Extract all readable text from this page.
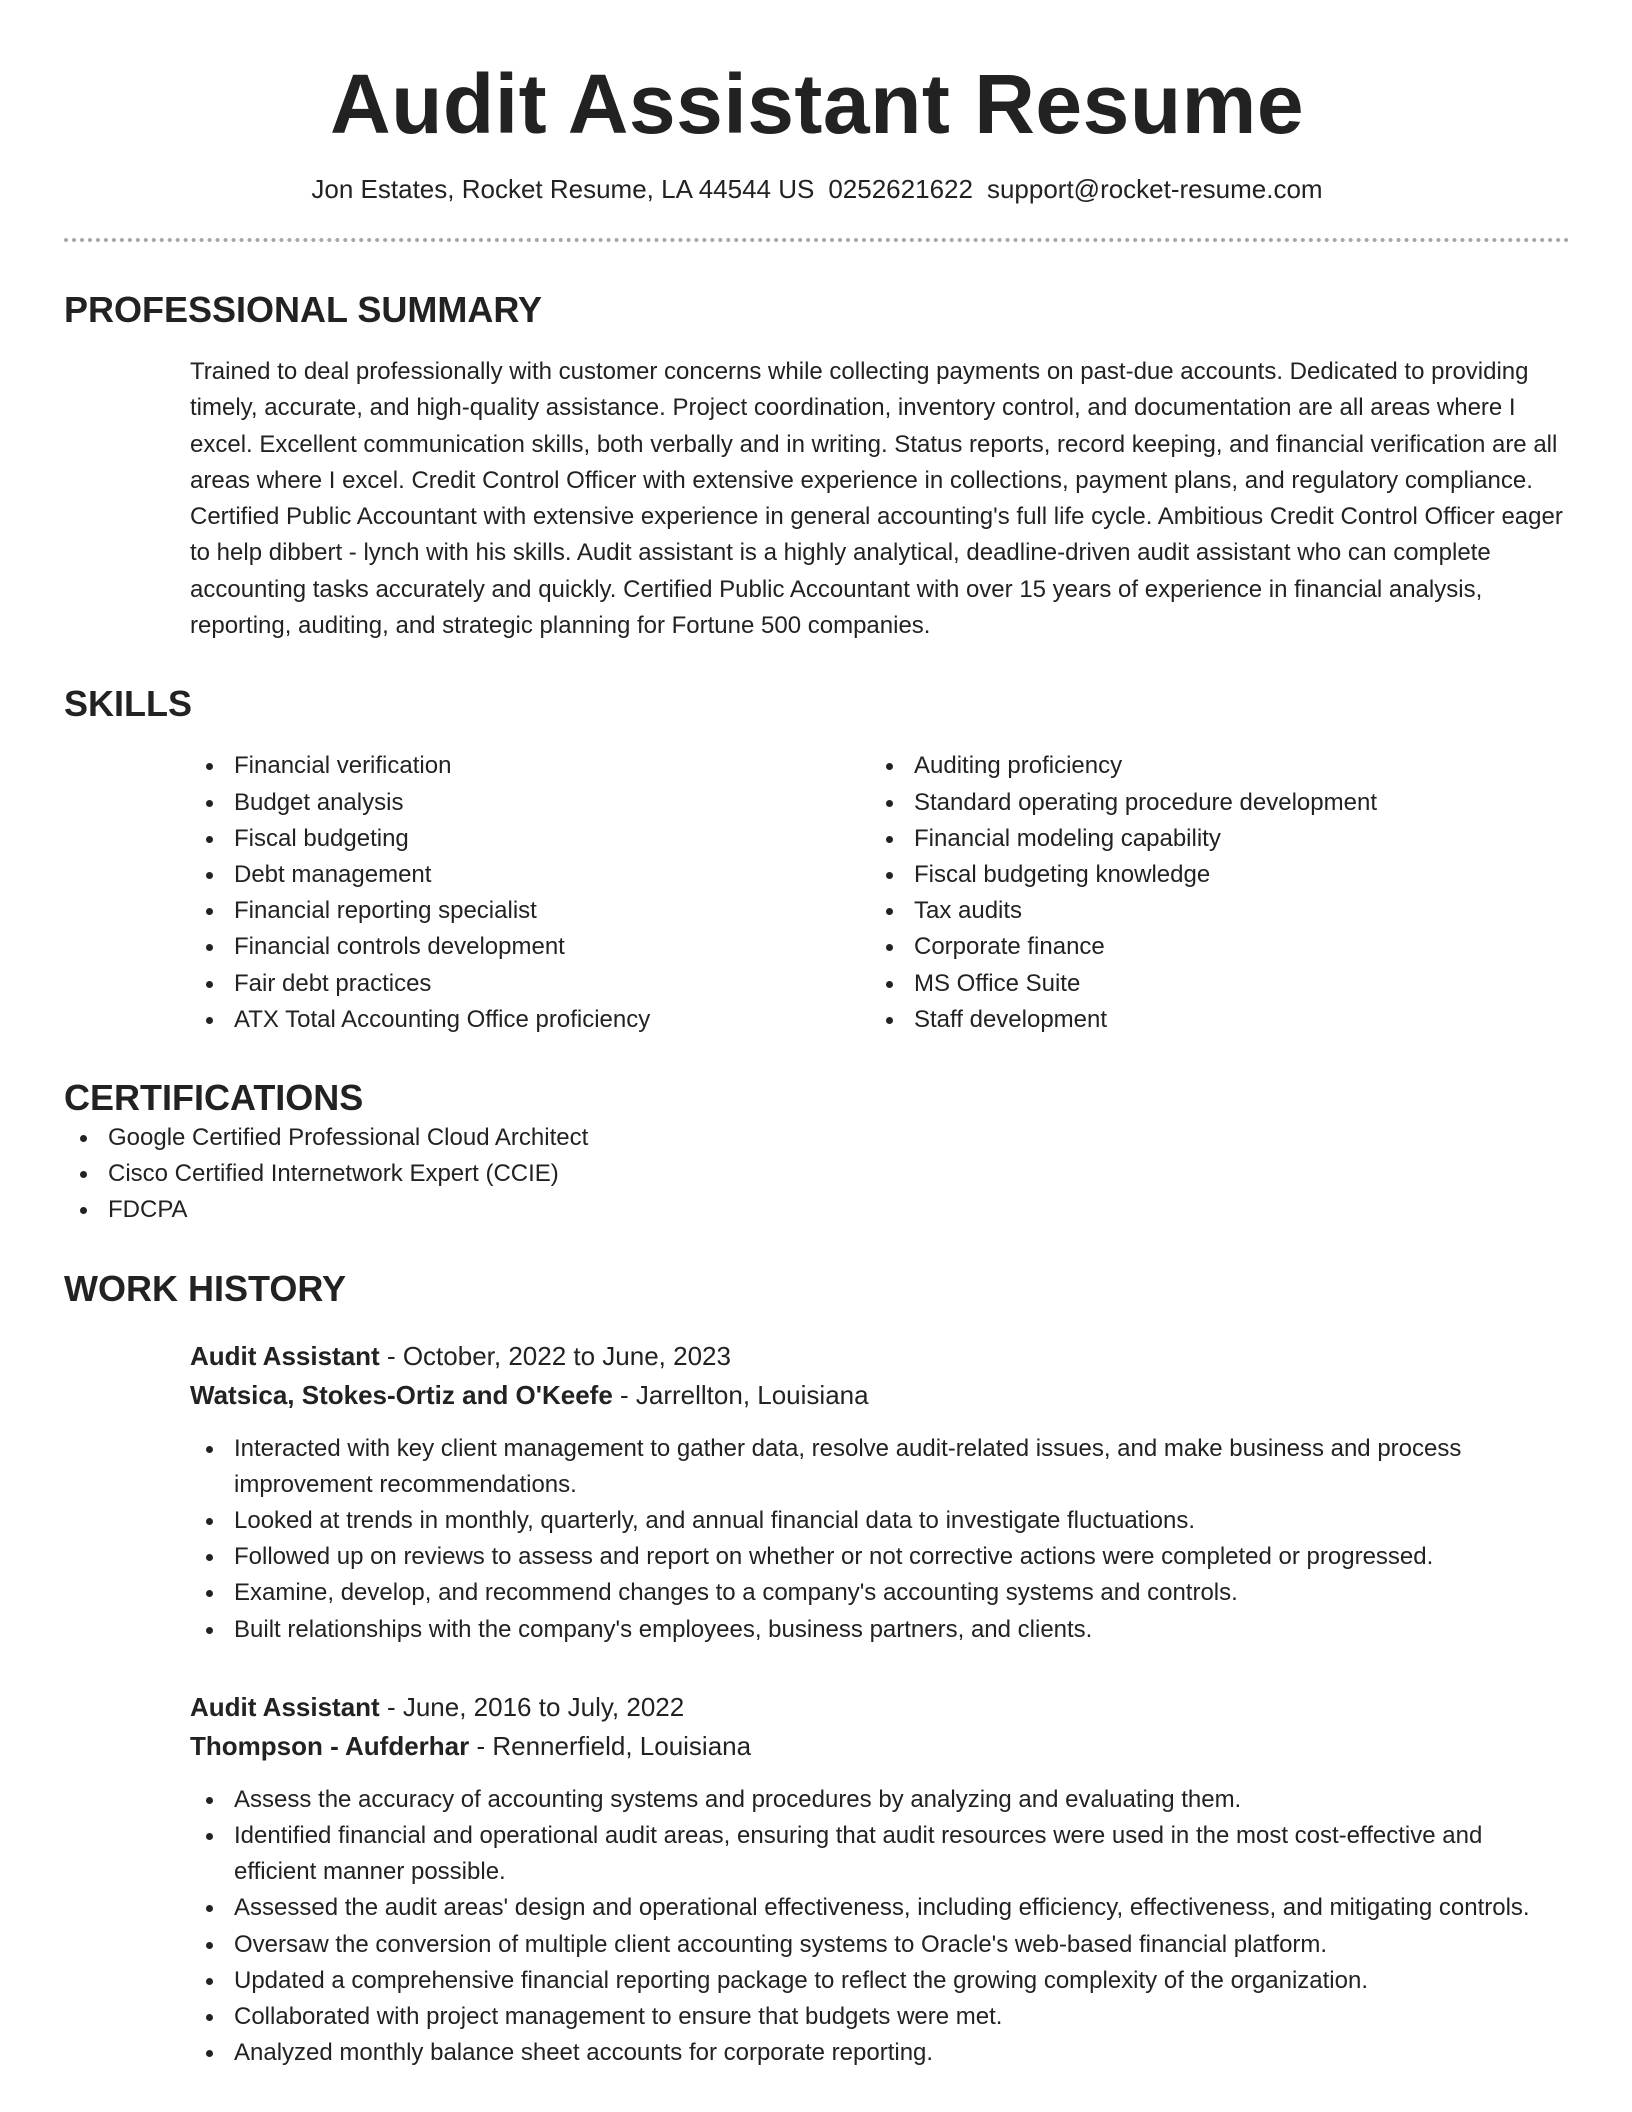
Audit Assistant Resume
Jon Estates, Rocket Resume, LA 44544 US 0252621622 support@rocket-resume.com
PROFESSIONAL SUMMARY

Trained to deal professionally with customer concerns while collecting payments on past-due accounts. Dedicated to providing timely, accurate, and high-quality assistance. Project coordination, inventory control, and documentation are all areas where I excel. Excellent communication skills, both verbally and in writing. Status reports, record keeping, and financial verification are all areas where I excel. Credit Control Officer with extensive experience in collections, payment plans, and regulatory compliance. Certified Public Accountant with extensive experience in general accounting's full life cycle. Ambitious Credit Control Officer eager to help dibbert - lynch with his skills. Audit assistant is a highly analytical, deadline-driven audit assistant who can complete accounting tasks accurately and quickly. Certified Public Accountant with over 15 years of experience in financial analysis, reporting, auditing, and strategic planning for Fortune 500 companies.

SKILLS
Financial verification
Budget analysis
Fiscal budgeting
Debt management
Financial reporting specialist
Financial controls development
Fair debt practices
ATX Total Accounting Office proficiency
Auditing proficiency
Standard operating procedure development
Financial modeling capability
Fiscal budgeting knowledge
Tax audits
Corporate finance
MS Office Suite
Staff development
CERTIFICATIONS
Google Certified Professional Cloud Architect
Cisco Certified Internetwork Expert (CCIE)
FDCPA
WORK HISTORY
Audit Assistant - October, 2022 to June, 2023
Watsica, Stokes-Ortiz and O'Keefe - Jarrellton, Louisiana
Interacted with key client management to gather data, resolve audit-related issues, and make business and process improvement recommendations.
Looked at trends in monthly, quarterly, and annual financial data to investigate fluctuations.
Followed up on reviews to assess and report on whether or not corrective actions were completed or progressed.
Examine, develop, and recommend changes to a company's accounting systems and controls.
Built relationships with the company's employees, business partners, and clients.
Audit Assistant - June, 2016 to July, 2022
Thompson - Aufderhar - Rennerfield, Louisiana
Assess the accuracy of accounting systems and procedures by analyzing and evaluating them.
Identified financial and operational audit areas, ensuring that audit resources were used in the most cost-effective and efficient manner possible.
Assessed the audit areas' design and operational effectiveness, including efficiency, effectiveness, and mitigating controls.
Oversaw the conversion of multiple client accounting systems to Oracle's web-based financial platform.
Updated a comprehensive financial reporting package to reflect the growing complexity of the organization.
Collaborated with project management to ensure that budgets were met.
Analyzed monthly balance sheet accounts for corporate reporting.
